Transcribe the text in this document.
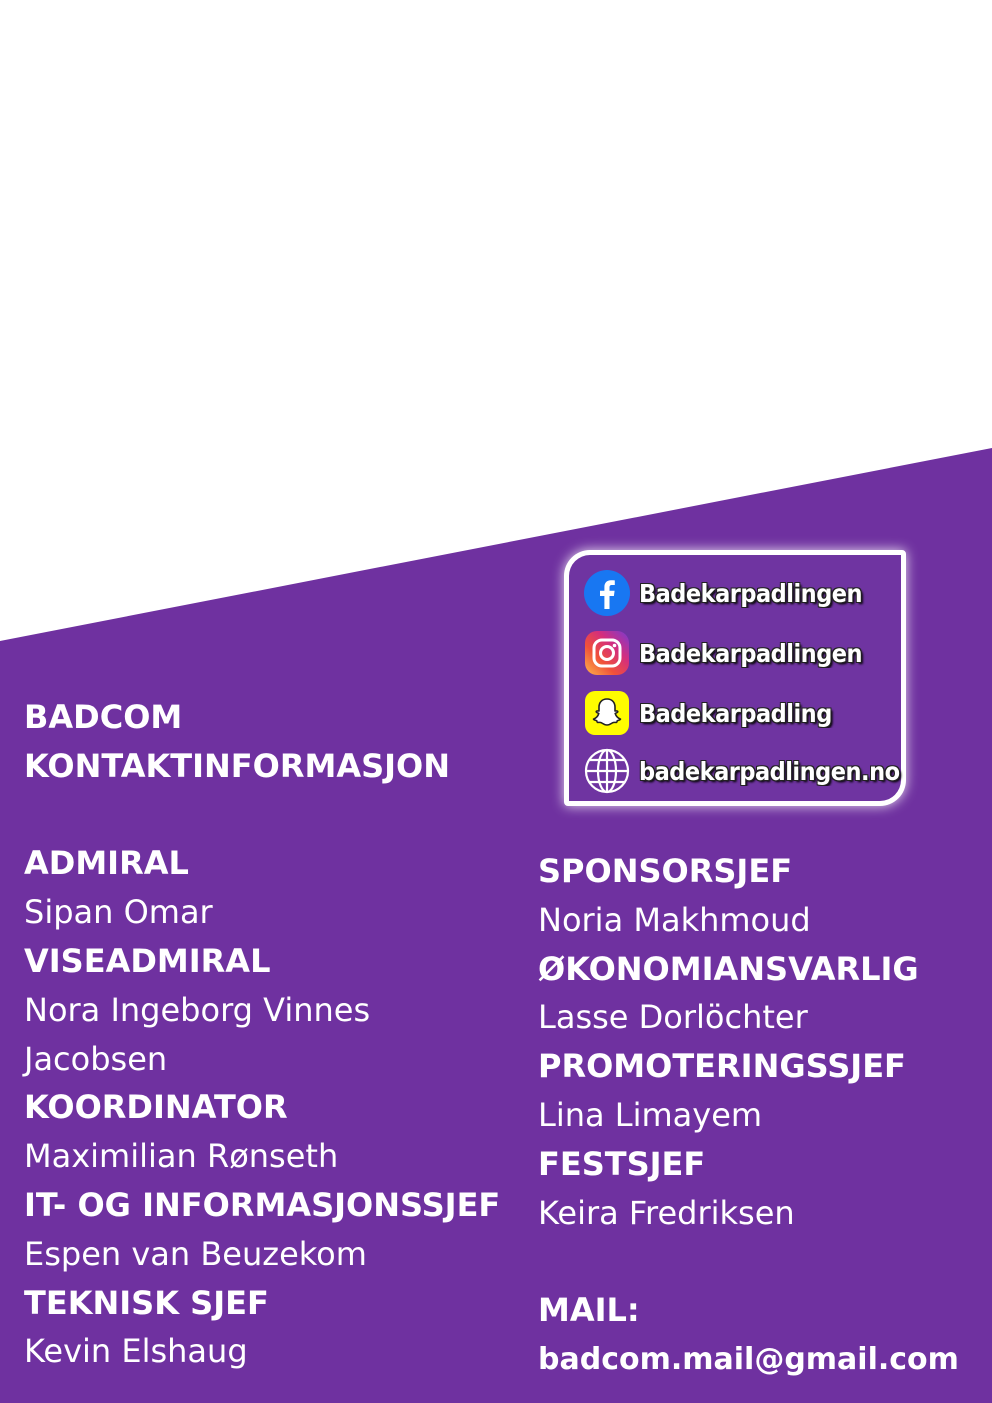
Badekarpadlingen
Badekarpadlingen
Badekarpadling
badekarpadlingen.no
BADCOM
KONTAKTINFORMASJON
ADMIRAL
Sipan Omar
VISEADMIRAL
Nora Ingeborg Vinnes
Jacobsen
KOORDINATOR
Maximilian Rønseth
IT- OG INFORMASJONSSJEF
Espen van Beuzekom
TEKNISK SJEF
Kevin Elshaug
SPONSORSJEF
Noria Makhmoud
ØKONOMIANSVARLIG
Lasse Dorlöchter
PROMOTERINGSSJEF
Lina Limayem
FESTSJEF
Keira Fredriksen
MAIL:
badcom.mail@gmail.com
